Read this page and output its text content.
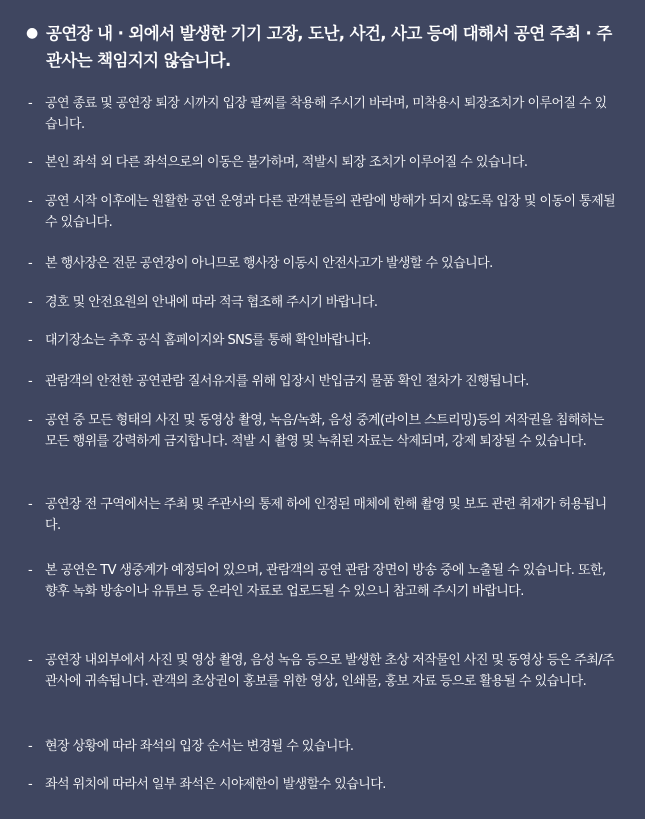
● 공연장 내 · 외에서 발생한 기기 고장, 도난, 사건, 사고 등에 대해서 공연 주최 · 주관사는 책임지지 않습니다.
- 공연 종료 및 공연장 퇴장 시까지 입장 팔찌를 착용해 주시기 바라며, 미착용시 퇴장조치가 이루어질 수 있습니다.
- 본인 좌석 외 다른 좌석으로의 이동은 불가하며, 적발시 퇴장 조치가 이루어질 수 있습니다.
- 공연 시작 이후에는 원활한 공연 운영과 다른 관객분들의 관람에 방해가 되지 않도록 입장 및 이동이 통제될 수 있습니다.
- 본 행사장은 전문 공연장이 아니므로 행사장 이동시 안전사고가 발생할 수 있습니다.
- 경호 및 안전요원의 안내에 따라 적극 협조해 주시기 바랍니다.
- 대기장소는 추후 공식 홈페이지와 SNS를 통해 확인바랍니다.
- 관람객의 안전한 공연관람 질서유지를 위해 입장시 반입금지 물품 확인 절차가 진행됩니다.
- 공연 중 모든 형태의 사진 및 동영상 촬영, 녹음/녹화, 음성 중계(라이브 스트리밍)등의 저작권을 침해하는 모든 행위를 강력하게 금지합니다. 적발 시 촬영 및 녹취된 자료는 삭제되며, 강제 퇴장될 수 있습니다.
- 공연장 전 구역에서는 주최 및 주관사의 통제 하에 인정된 매체에 한해 촬영 및 보도 관련 취재가 허용됩니다.
- 본 공연은 TV 생중계가 예정되어 있으며, 관람객의 공연 관람 장면이 방송 중에 노출될 수 있습니다. 또한, 향후 녹화 방송이나 유튜브 등 온라인 자료로 업로드될 수 있으니 참고해 주시기 바랍니다.
- 공연장 내외부에서 사진 및 영상 촬영, 음성 녹음 등으로 발생한 초상 저작물인 사진 및 동영상 등은 주최/주관사에 귀속됩니다. 관객의 초상권이 홍보를 위한 영상, 인쇄물, 홍보 자료 등으로 활용될 수 있습니다.
- 현장 상황에 따라 좌석의 입장 순서는 변경될 수 있습니다.
- 좌석 위치에 따라서 일부 좌석은 시야제한이 발생할수 있습니다.
